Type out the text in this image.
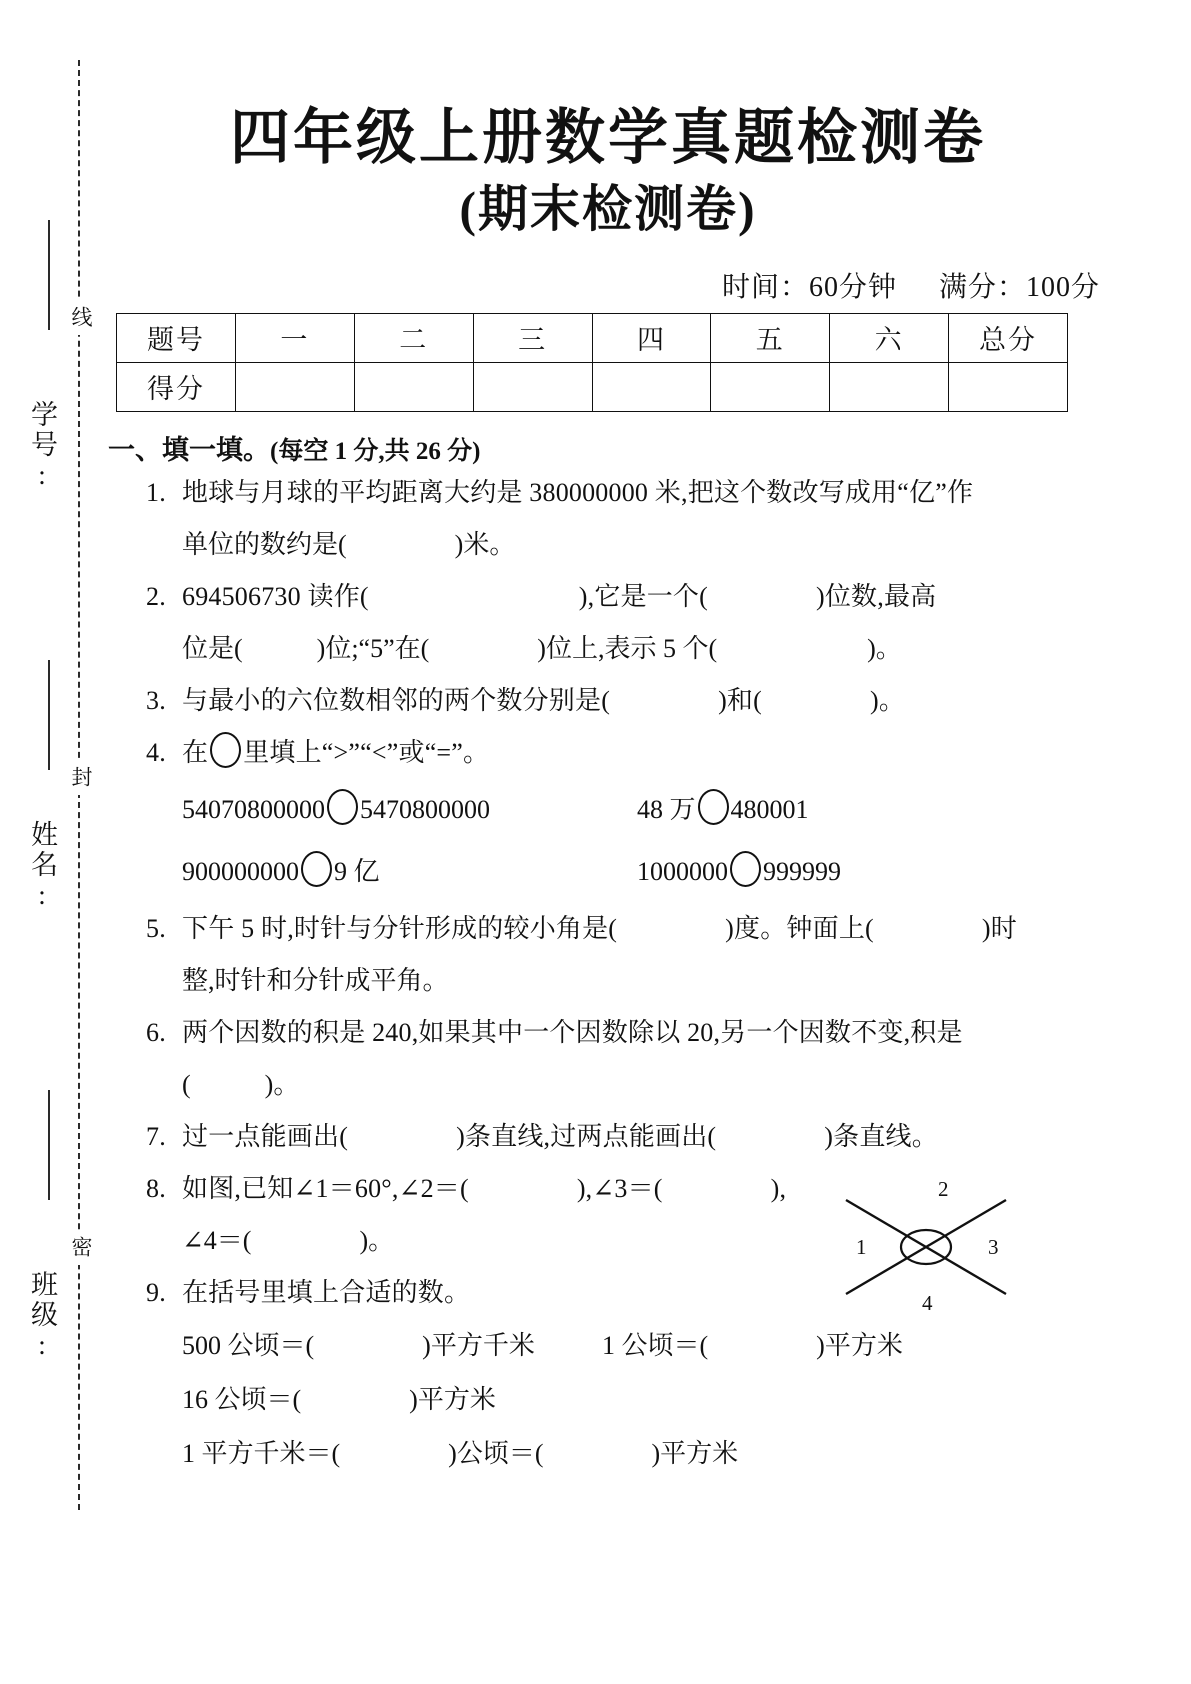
线
封
密
学号:
姓名:
班级:
四年级上册数学真题检测卷
(期末检测卷)
时间：60分钟 满分：100分
题号	一	二	三	四	五	六	总分
得分							
一、填一填。(每空 1 分,共 26 分)
1. 地球与月球的平均距离大约是 380000000 米,把这个数改写成用“亿”作
单位的数约是(	)米。
2. 694506730 读作(	),它是一个(	)位数,最高
位是(	)位;“5”在(	)位上,表示 5 个(	)。
3. 与最小的六位数相邻的两个数分别是(	)和(	)。
4. 在 里填上“>”“<”或“=”。
54070800000 5470800000	48 万 480001
900000000 9 亿	1000000 999999
5. 下午 5 时,时针与分针形成的较小角是(	)度。钟面上(	)时
整,时针和分针成平角。
6. 两个因数的积是 240,如果其中一个因数除以 20,另一个因数不变,积是
(	)。
7. 过一点能画出(	)条直线,过两点能画出(	)条直线。
8. 如图,已知∠1＝60°,∠2＝(	),∠3＝(	),
∠4＝(	)。	1
2
3
4
9. 在括号里填上合适的数。
500 公顷＝(	)平方千米	1 公顷＝(	)平方米
16 公顷＝(	)平方米
1 平方千米＝(	)公顷＝(	)平方米
